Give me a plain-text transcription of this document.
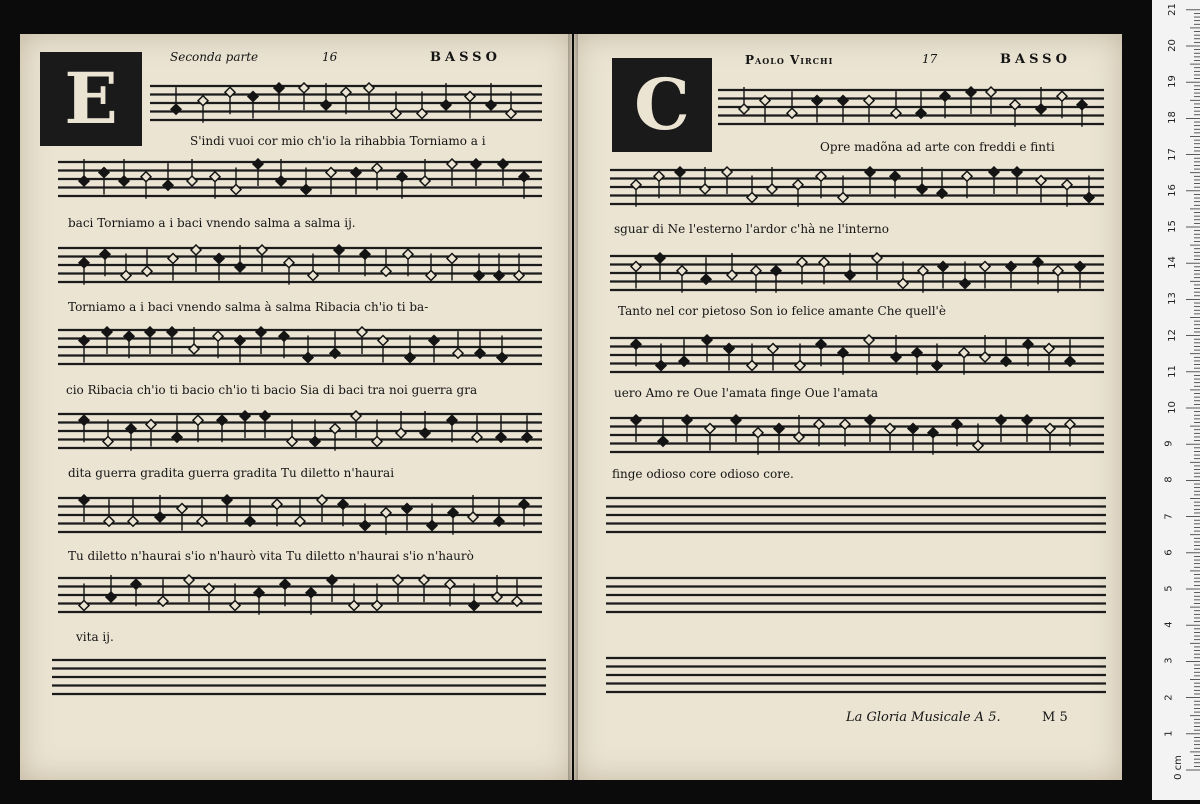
Seconda parte	16	BASSO
E	Paolo Virchi	17	BASSO
C
S'indi vuoi cor mio ch'io la rihabbia Torniamo a i
baci Torniamo a i baci vnendo salma a salma ij.
Torniamo a i baci vnendo salma à salma Ribacia ch'io ti ba-
cio Ribacia ch'io ti bacio ch'io ti bacio Sia di baci tra noi guerra gra
dita guerra gradita guerra gradita Tu diletto n'haurai
Tu diletto n'haurai s'io n'haurò vita Tu diletto n'haurai s'io n'haurò
vita ij.
Opre madõna ad arte con freddi e finti
sguar di Ne l'esterno l'ardor c'hà ne l'interno
Tanto nel cor pietoso Son io felice amante Che quell'è
uero Amo re Oue l'amata finge Oue l'amata
finge odioso core odioso core.
La Gloria Musicale A 5.	M 5
0 cm
1
2
3
4
5
6
7
8
9
10
11
12
13
14
15
16
17
18
19
20
21
